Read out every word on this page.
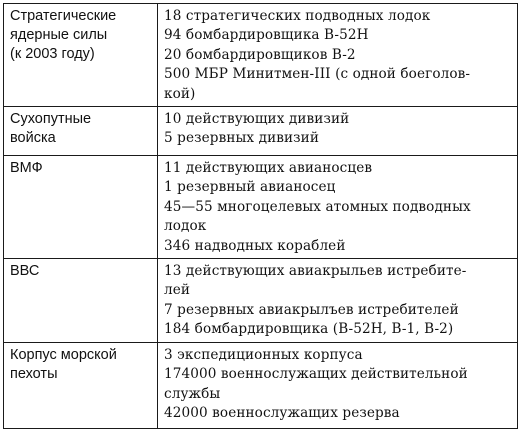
Стратегические
ядерные силы
(к 2003 году)	18 стратегических подводных лодок
94 бомбардировщика B-52H
20 бомбардировщиков B-2
500 МБР Минитмен-III (с одной боеголов-
кой)

Сухопутные
войска	10 действующих дивизий
5 резервных дивизий

ВМФ	11 действующих авианосцев
1 резервный авианосец
45—55 многоцелевых атомных подводных
лодок
346 надводных кораблей

ВВС	13 действующих авиакрыльев истребите-
лей
7 резервных авиакрылъев истребителей
184 бомбардировщика (B-52H, B-1, B-2)

Корпус морской
пехоты	3 экспедиционных корпуса
174000 военнослужащих действительной
службы
42000 военнослужащих резерва
